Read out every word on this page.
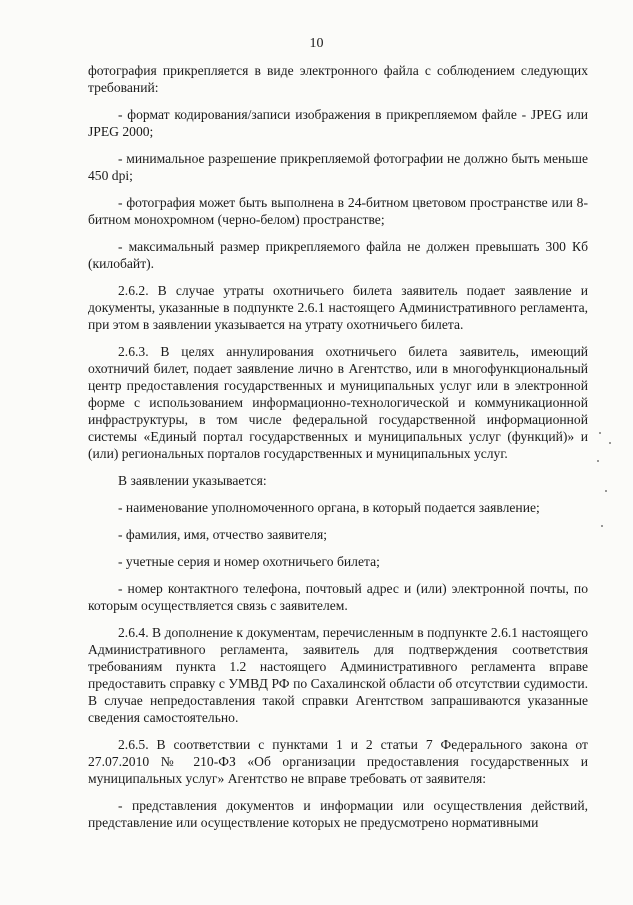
10

фотография прикрепляется в виде электронного файла с соблюдением следующих требований:

- формат кодирования/записи изображения в прикрепляемом файле - JPEG или JPEG 2000;

- минимальное разрешение прикрепляемой фотографии не должно быть меньше 450 dpi;

- фотография может быть выполнена в 24-битном цветовом пространстве или 8-битном монохромном (черно-белом) пространстве;

- максимальный размер прикрепляемого файла не должен превышать 300 Кб (килобайт).

2.6.2. В случае утраты охотничьего билета заявитель подает заявление и документы, указанные в подпункте 2.6.1 настоящего Административного регламента, при этом в заявлении указывается на утрату охотничьего билета.

2.6.3. В целях аннулирования охотничьего билета заявитель, имеющий охотничий билет, подает заявление лично в Агентство, или в многофункциональный центр предоставления государственных и муниципальных услуг или в электронной форме с использованием информационно-технологической и коммуникационной инфраструктуры, в том числе федеральной государственной информационной системы «Единый портал государственных и муниципальных услуг (функций)» и (или) региональных порталов государственных и муниципальных услуг.

В заявлении указывается:

- наименование уполномоченного органа, в который подается заявление;

- фамилия, имя, отчество заявителя;

- учетные серия и номер охотничьего билета;

- номер контактного телефона, почтовый адрес и (или) электронной почты, по которым осуществляется связь с заявителем.

2.6.4. В дополнение к документам, перечисленным в подпункте 2.6.1 настоящего Административного регламента, заявитель для подтверждения соответствия требованиям пункта 1.2 настоящего Административного регламента вправе предоставить справку с УМВД РФ по Сахалинской области об отсутствии судимости. В случае непредоставления такой справки Агентством запрашиваются указанные сведения самостоятельно.

2.6.5. В соответствии с пунктами 1 и 2 статьи 7 Федерального закона от 27.07.2010 № 210-ФЗ «Об организации предоставления государственных и муниципальных услуг» Агентство не вправе требовать от заявителя:

- представления документов и информации или осуществления действий, представление или осуществление которых не предусмотрено нормативными
